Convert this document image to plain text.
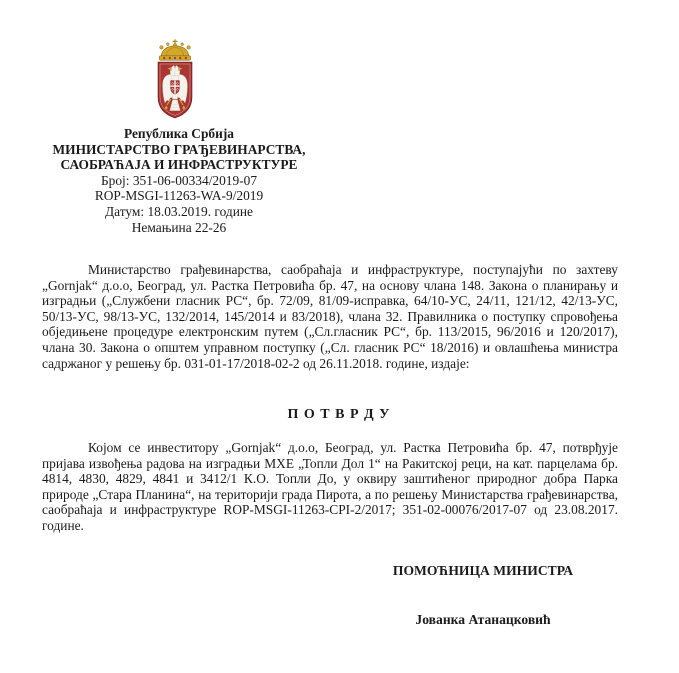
Република Србија
МИНИСТАРСТВО ГРАЂЕВИНАРСТВА,
САОБРАЋАЈА И ИНФРАСТРУКТУРЕ
Број: 351-06-00334/2019-07
ROP-MSGI-11263-WA-9/2019
Датум: 18.03.2019. године
Немањина 22-26

Министарство грађевинарства, саобраћаја и инфраструктуре, поступајући по захтеву „Gornjak“ д.о.о, Београд, ул. Растка Петровића бр. 47, на основу члана 148. Закона о планирању и изградњи („Службени гласник РС“, бр. 72/09, 81/09-исправка, 64/10-УС, 24/11, 121/12, 42/13-УС, 50/13-УС, 98/13-УС, 132/2014, 145/2014 и 83/2018), члана 32. Правилника о поступку спровођења обједињене процедуре електронским путем („Сл.гласник РС“, бр. 113/2015, 96/2016 и 120/2017), члана 30. Закона о општем управном поступку („Сл. гласник РС“ 18/2016) и овлашћења министра садржаног у решењу бр. 031-01-17/2018-02-2 од 26.11.2018. године, издаје:

П О Т В Р Д У

Којом се инвеститору „Gornjak“ д.о.о, Београд, ул. Растка Петровића бр. 47, потврђује пријава извођења радова на изградњи МХЕ „Топли Дол 1“ на Ракитској реци, на кат. парцелама бр. 4814, 4830, 4829, 4841 и 3412/1 К.О. Топли До, у оквиру заштићеног природног добра Парка природе „Стара Планина“, на територији града Пирота, а по решењу Министарства грађевинарства, саобраћаја и инфраструктуре ROP-MSGI-11263-CPI-2/2017; 351-02-00076/2017-07 од 23.08.2017. године.

ПОМОЋНИЦА МИНИСТРА
Јованка Атанацковић
